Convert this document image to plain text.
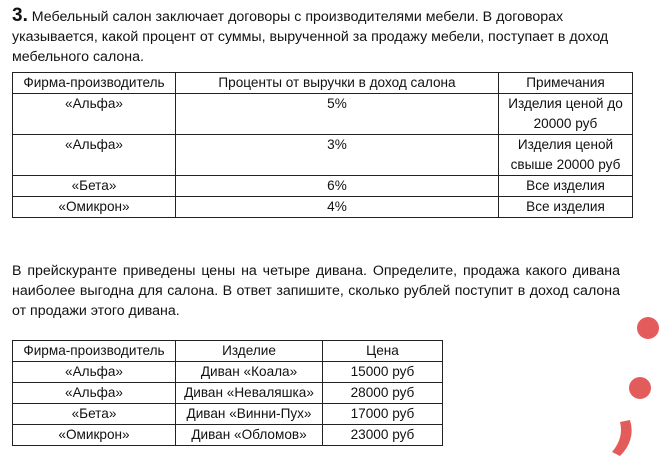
3. Мебельный салон заключает договоры с производителями мебели. В договорах указывается, какой процент от суммы, вырученной за продажу мебели, поступает в доход мебельного салона.

Фирма-производитель	Проценты от выручки в доход салона	Примечания
«Альфа»	5%	Изделия ценой до 20000 руб
«Альфа»	3%	Изделия ценой свыше 20000 руб
«Бета»	6%	Все изделия
«Омикрон»	4%	Все изделия

В прейскуранте приведены цены на четыре дивана. Определите, продажа какого дивана наиболее выгодна для салона. В ответ запишите, сколько рублей поступит в доход салона от продажи этого дивана.

Фирма-производитель	Изделие	Цена
«Альфа»	Диван «Коала»	15000 руб
«Альфа»	Диван «Неваляшка»	28000 руб
«Бета»	Диван «Винни-Пух»	17000 руб
«Омикрон»	Диван «Обломов»	23000 руб
